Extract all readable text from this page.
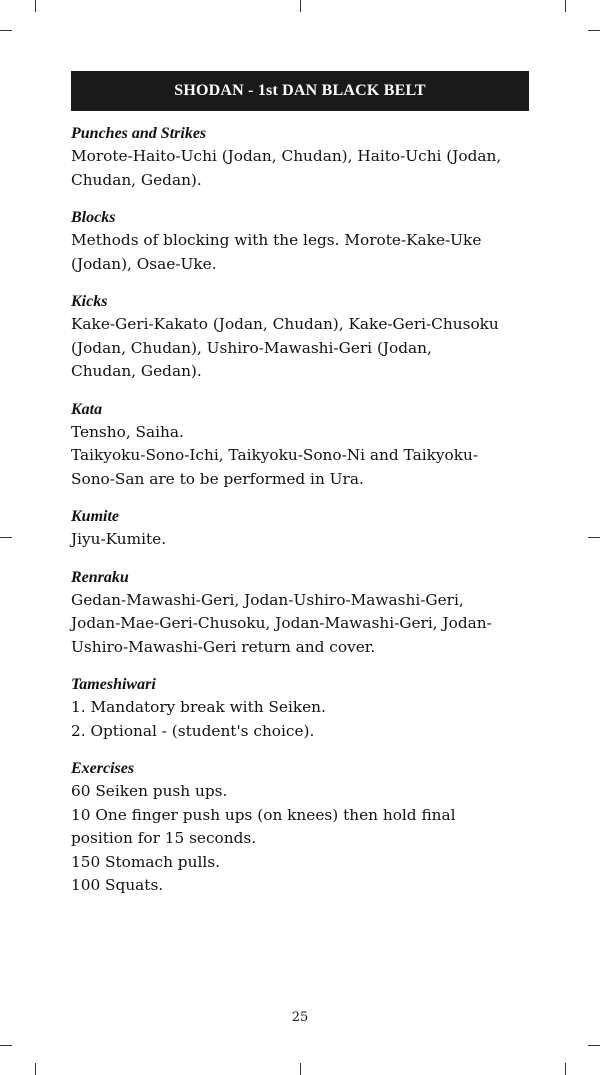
SHODAN - 1st DAN BLACK BELT
Punches and Strikes
Morote-Haito-Uchi (Jodan, Chudan), Haito-Uchi (Jodan,
Chudan, Gedan).
Blocks
Methods of blocking with the legs. Morote-Kake-Uke
(Jodan), Osae-Uke.
Kicks
Kake-Geri-Kakato (Jodan, Chudan), Kake-Geri-Chusoku
(Jodan, Chudan), Ushiro-Mawashi-Geri (Jodan,
Chudan, Gedan).
Kata
Tensho, Saiha.
Taikyoku-Sono-Ichi, Taikyoku-Sono-Ni and Taikyoku-
Sono-San are to be performed in Ura.
Kumite
Jiyu-Kumite.
Renraku
Gedan-Mawashi-Geri, Jodan-Ushiro-Mawashi-Geri,
Jodan-Mae-Geri-Chusoku, Jodan-Mawashi-Geri, Jodan-
Ushiro-Mawashi-Geri return and cover.
Tameshiwari
1. Mandatory break with Seiken.
2. Optional - (student's choice).
Exercises
60 Seiken push ups.
10 One finger push ups (on knees) then hold final
position for 15 seconds.
150 Stomach pulls.
100 Squats.
25
